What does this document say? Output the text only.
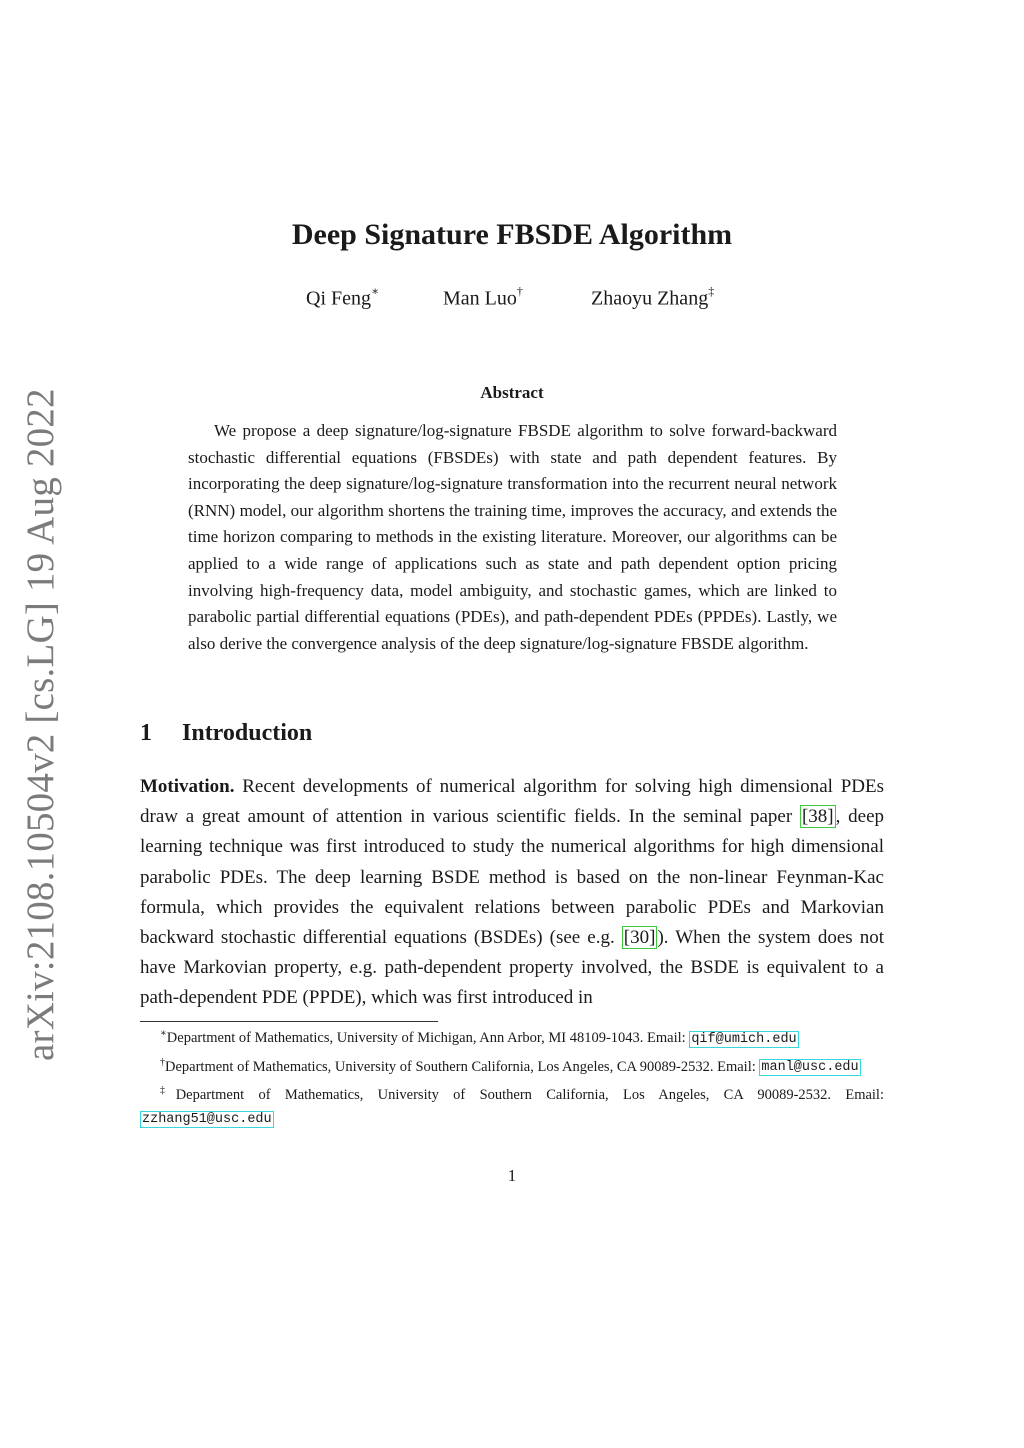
arXiv:2108.10504v2 [cs.LG] 19 Aug 2022
Deep Signature FBSDE Algorithm
Qi Feng∗	Man Luo†	Zhaoyu Zhang‡
Abstract

We propose a deep signature/log-signature FBSDE algorithm to solve forward-backward stochastic differential equations (FBSDEs) with state and path dependent features. By incorporating the deep signature/log-signature transformation into the recurrent neural network (RNN) model, our algorithm shortens the training time, improves the accuracy, and extends the time horizon comparing to methods in the existing literature. Moreover, our algorithms can be applied to a wide range of applications such as state and path dependent option pricing involving high-frequency data, model ambiguity, and stochastic games, which are linked to parabolic partial differential equations (PDEs), and path-dependent PDEs (PPDEs). Lastly, we also derive the convergence analysis of the deep signature/log-signature FBSDE algorithm.

1 Introduction

Motivation. Recent developments of numerical algorithm for solving high dimensional PDEs draw a great amount of attention in various scientific fields. In the seminal paper [38] , deep learning technique was first introduced to study the numerical algorithms for high dimensional parabolic PDEs. The deep learning BSDE method is based on the non-linear Feynman-Kac formula, which provides the equivalent relations between parabolic PDEs and Markovian backward stochastic differential equations (BSDEs) (see e.g. [30] ). When the system does not have Markovian property, e.g. path-dependent property involved, the BSDE is equivalent to a path-dependent PDE (PPDE), which was first introduced in

∗Department of Mathematics, University of Michigan, Ann Arbor, MI 48109-1043. Email: qif@umich.edu

†Department of Mathematics, University of Southern California, Los Angeles, CA 90089-2532. Email: manl@usc.edu

‡Department of Mathematics, University of Southern California, Los Angeles, CA 90089-2532. Email: zzhang51@usc.edu

1
